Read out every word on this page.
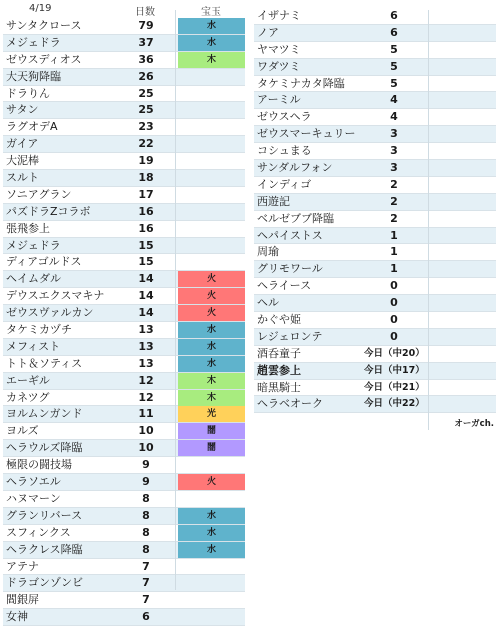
4/19	日数	宝玉
サンタクロース	79	水
メジェドラ	37	水
ゼウスディオス	36	木
大天狗降臨	26
ドラりん	25
サタン	25
ラグオデA	23
ガイア	22
大泥棒	19
スルト	18
ソニアグラン	17
パズドラZコラボ	16
張飛参上	16
メジェドラ	15
ディアゴルドス	15
ヘイムダル	14	火
デウスエクスマキナ	14	火
ゼウスヴァルカン	14	火
タケミカヅチ	13	水
メフィスト	13	水
トト＆ソティス	13	水
エーギル	12	木
カネツグ	12	木
ヨルムンガンド	11	光
ヨルズ	10	闇
ヘラウルズ降臨	10	闇
極限の闘技場	9
ヘラソエル	9	火
ハヌマーン	8
グランリバース	8	水
スフィンクス	8	水
ヘラクレス降臨	8	水
アテナ	7
ドラゴンゾンビ	7
閻銀屏	7
女神	6
イザナミ	6
ノア	6
ヤマツミ	5
ワダツミ	5
タケミナカタ降臨	5
アーミル	4
ゼウスヘラ	4
ゼウスマーキュリー	3
コシュまる	3
サンダルフォン	3
インディゴ	2
西遊記	2
ベルゼブブ降臨	2
ヘパイストス	1
周瑜	1
グリモワール	1
ヘライース	0
ヘル	0
かぐや姫	0
レジェロンテ	0
酒呑童子	今日（中20）
趙雲参上	今日（中17）
暗黒騎士	今日（中21）
ヘラベオーク	今日（中22）
オーガch.
